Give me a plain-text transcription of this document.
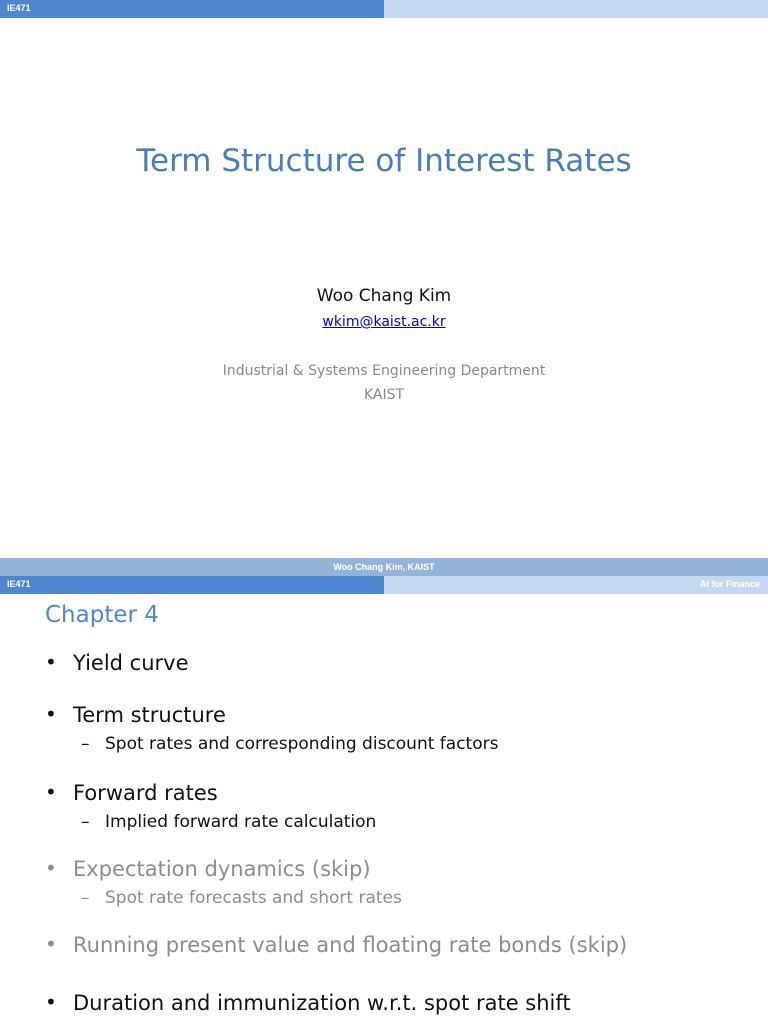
IE471
Term Structure of Interest Rates
Woo Chang Kim
wkim@kaist.ac.kr
Industrial & Systems Engineering Department
KAIST
Woo Chang Kim, KAIST
IE471	AI for Finance
Chapter 4
• Yield curve
• Term structure
– Spot rates and corresponding discount factors
• Forward rates
– Implied forward rate calculation
• Expectation dynamics (skip)
– Spot rate forecasts and short rates
• Running present value and floating rate bonds (skip)
• Duration and immunization w.r.t. spot rate shift
